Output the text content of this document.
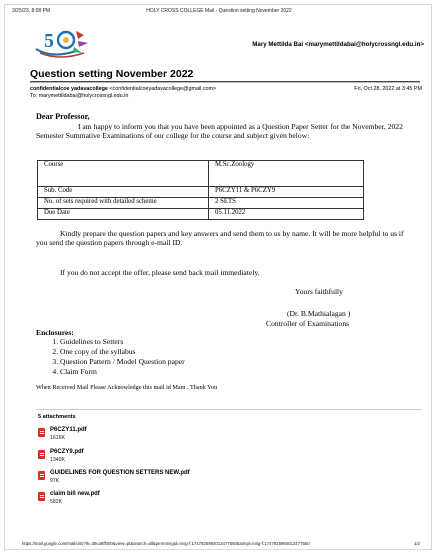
3/25/23, 8:08 PM	HOLY CROSS COLLEGE Mail - Question setting November 2022
5	Mary Mettilda Bai <marymettildabai@holycrossngl.edu.in>
Question setting November 2022
confidentialcoe yadavacollege <confidentialcoeyadavacollege@gmail.com>
To: marymettildabai@holycrossngl.edu.in
Fri, Oct 28, 2022 at 3:45 PM
Dear Professor,
I am happy to inform you that you have been appointed as a Question Paper Setter for the November, 2022 Semester Summative Examinations of our college for the course and subject given below:
Course	M.Sc.Zoology
Sub. Code	P6CZY11 & P6CZY9
No. of sets required with detailed scheme	2 SETS
Due Date	05.11.2022
Kindly prepare the question papers and key answers and send them to us by name. It will be more helpful to us if you send the question papers through e-mail ID.
If you do not accept the offer, please send back mail immediately.
Yours faithfully
(Dr. B.Mathialagan )
Controller of Examinations
Enclosures:
1. Guidelines to Setters
2. One copy of the syllabus
3. Question Pattern / Model Question paper
4. Claim Form
When Received Mail Please Acknowledge this mail id Mam . Thank You
5 attachments
P6CZY11.pdf
1616K
P6CZY9.pdf
1340K
GUIDELINES FOR QUESTION SETTERS NEW.pdf
97K
claim bill new.pdf
582K
https://mail.google.com/mail/u/0/?ik=39ca8ff000&view=pt&search=all&permmsgid=msg-f:1747925984013477550&simpl=msg-f:1747925984013477550	1/2
